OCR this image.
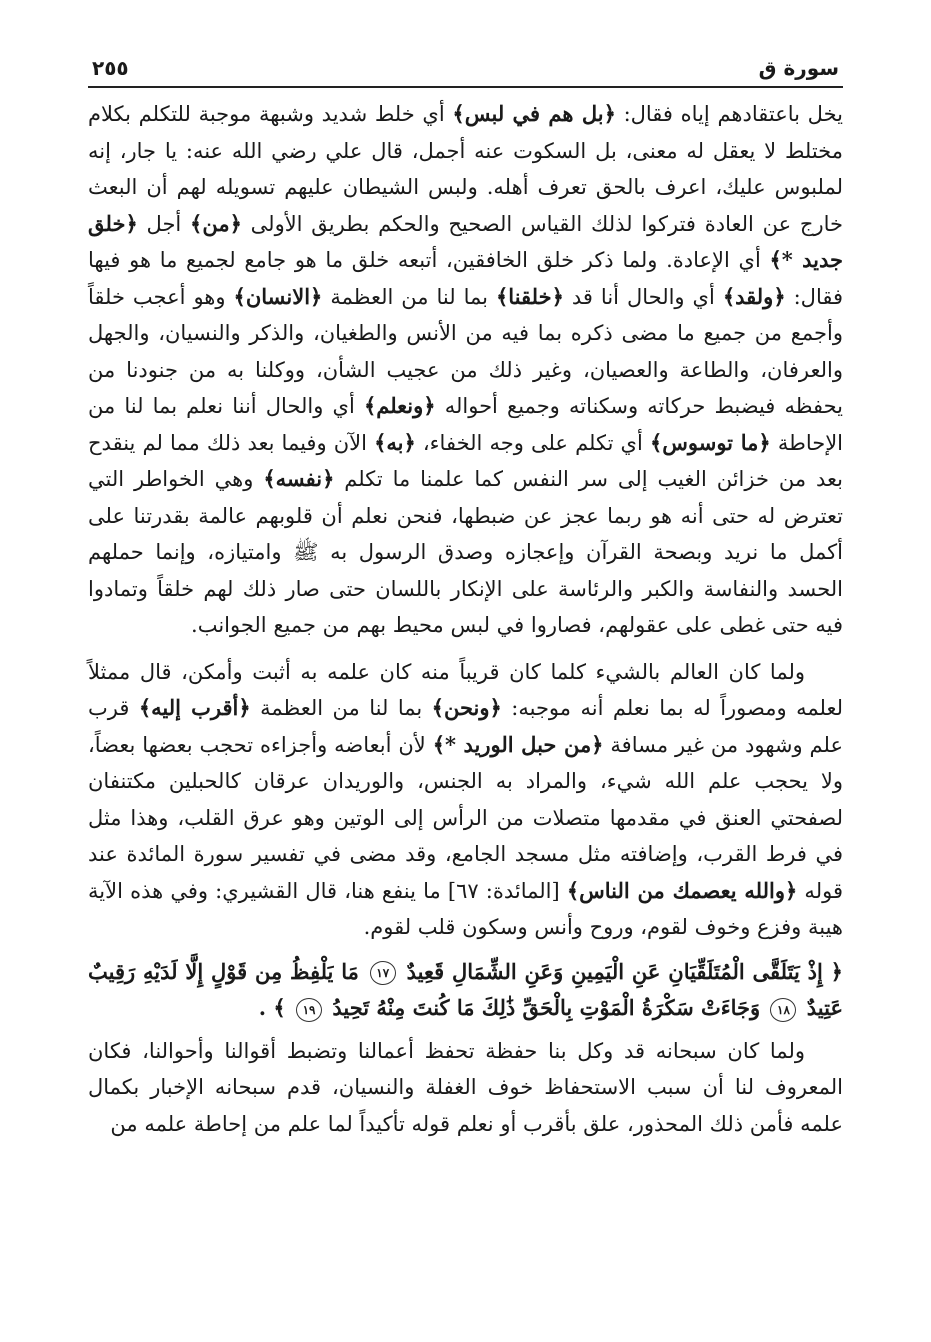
سورة ق
٢٥٥

يخل باعتقادهم إياه فقال: ﴿بل هم في لبس﴾ أي خلط شديد وشبهة موجبة للتكلم بكلام مختلط لا يعقل له معنى، بل السكوت عنه أجمل، قال علي رضي الله عنه: يا جار، إنه لملبوس عليك، اعرف بالحق تعرف أهله. ولبس الشيطان عليهم تسويله لهم أن البعث خارج عن العادة فتركوا لذلك القياس الصحيح والحكم بطريق الأولى ﴿من﴾ أجل ﴿خلق جديد *﴾ أي الإعادة. ولما ذكر خلق الخافقين، أتبعه خلق ما هو جامع لجميع ما هو فيها فقال: ﴿ولقد﴾ أي والحال أنا قد ﴿خلقنا﴾ بما لنا من العظمة ﴿الانسان﴾ وهو أعجب خلقاً وأجمع من جميع ما مضى ذكره بما فيه من الأنس والطغيان، والذكر والنسيان، والجهل والعرفان، والطاعة والعصيان، وغير ذلك من عجيب الشأن، ووكلنا به من جنودنا من يحفظه فيضبط حركاته وسكناته وجميع أحواله ﴿ونعلم﴾ أي والحال أننا نعلم بما لنا من الإحاطة ﴿ما توسوس﴾ أي تكلم على وجه الخفاء، ﴿به﴾ الآن وفيما بعد ذلك مما لم ينقدح بعد من خزائن الغيب إلى سر النفس كما علمنا ما تكلم ﴿نفسه﴾ وهي الخواطر التي تعترض له حتى أنه هو ربما عجز عن ضبطها، فنحن نعلم أن قلوبهم عالمة بقدرتنا على أكمل ما نريد وبصحة القرآن وإعجازه وصدق الرسول به ﷺ وامتيازه، وإنما حملهم الحسد والنفاسة والكبر والرئاسة على الإنكار باللسان حتى صار ذلك لهم خلقاً وتمادوا فيه حتى غطى على عقولهم، فصاروا في لبس محيط بهم من جميع الجوانب.

ولما كان العالم بالشيء كلما كان قريباً منه كان علمه به أثبت وأمكن، قال ممثلاً لعلمه ومصوراً له بما نعلم أنه موجبه: ﴿ونحن﴾ بما لنا من العظمة ﴿أقرب إليه﴾ قرب علم وشهود من غير مسافة ﴿من حبل الوريد *﴾ لأن أبعاضه وأجزاءه تحجب بعضها بعضاً، ولا يحجب علم الله شيء، والمراد به الجنس، والوريدان عرقان كالحبلين مكتنفان لصفحتي العنق في مقدمها متصلات من الرأس إلى الوتين وهو عرق القلب، وهذا مثل في فرط القرب، وإضافته مثل مسجد الجامع، وقد مضى في تفسير سورة المائدة عند قوله ﴿والله يعصمك من الناس﴾ [المائدة: ٦٧] ما ينفع هنا، قال القشيري: وفي هذه الآية هيبة وفزع وخوف لقوم، وروح وأنس وسكون قلب لقوم.

﴿ إِذْ يَتَلَقَّى الْمُتَلَقِّيَانِ عَنِ الْيَمِينِ وَعَنِ الشِّمَالِ قَعِيدٌ ١٧ مَا يَلْفِظُ مِن قَوْلٍ إِلَّا لَدَيْهِ رَقِيبٌ عَتِيدٌ ١٨ وَجَاءَتْ سَكْرَةُ الْمَوْتِ بِالْحَقِّ ذَٰلِكَ مَا كُنتَ مِنْهُ تَحِيدُ ١٩ ﴾ .

ولما كان سبحانه قد وكل بنا حفظة تحفظ أعمالنا وتضبط أقوالنا وأحوالنا، فكان المعروف لنا أن سبب الاستحفاظ خوف الغفلة والنسيان، قدم سبحانه الإخبار بكمال علمه فأمن ذلك المحذور، علق بأقرب أو نعلم قوله تأكيداً لما علم من إحاطة علمه من
